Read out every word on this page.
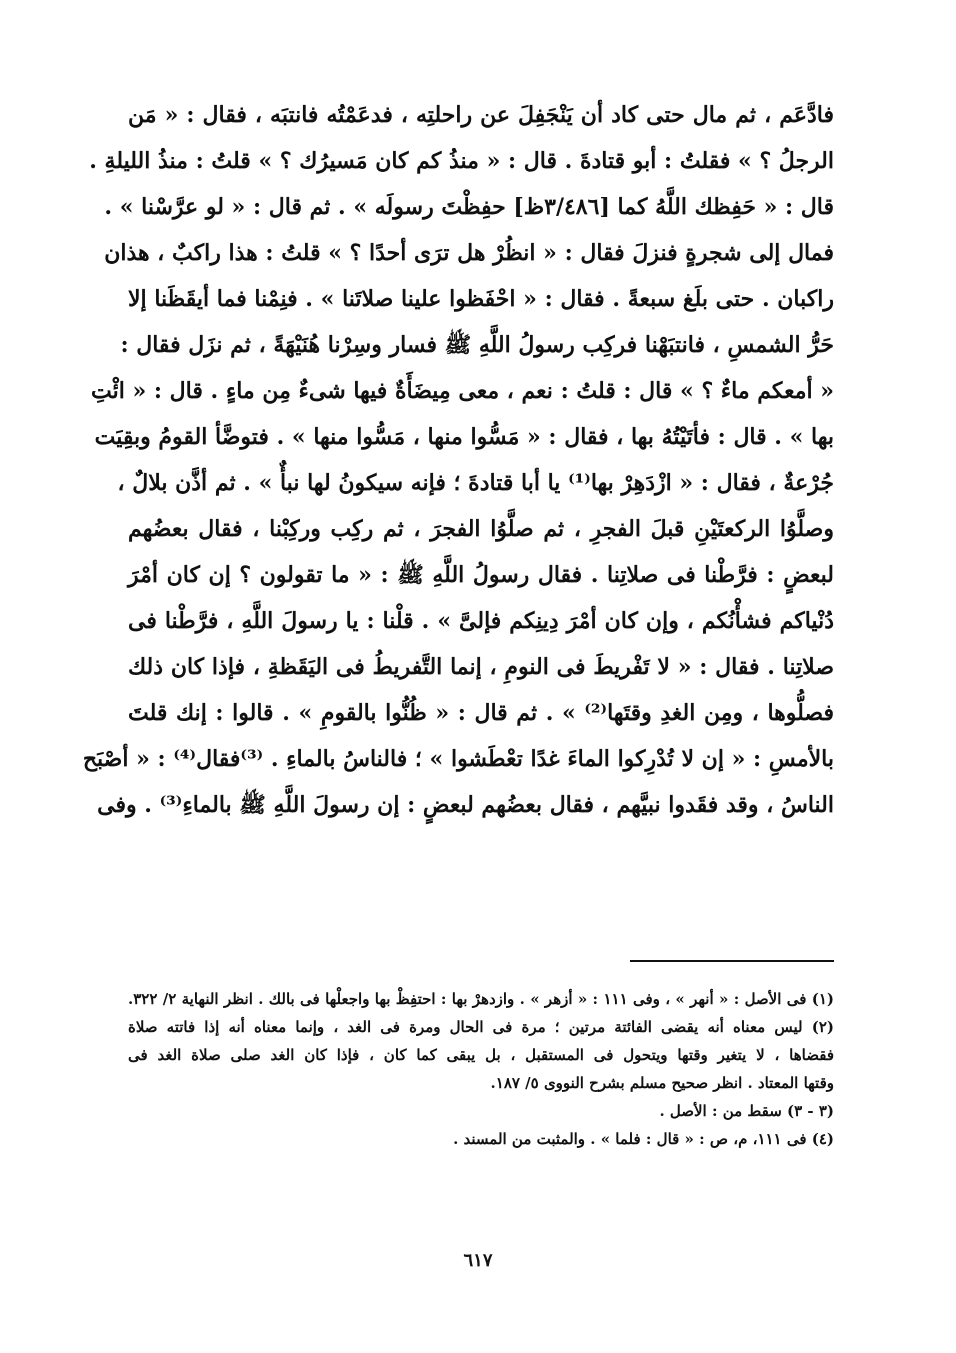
فادَّعَم ، ثم مال حتى كاد أن يَنْجَفِلَ عن راحلتِه ، فدعَمْتُه فانتبَه ، فقال : « مَن
الرجلُ ؟ » فقلتُ : أبو قتادةَ . قال : « منذُ كم كان مَسيرُك ؟ » قلتُ : منذُ الليلةِ .
قال : « حَفِظك اللَّهُ كما [٣/٤٨٦ظ] حفِظْتَ رسولَه » . ثم قال : « لو عرَّسْنا » .
فمال إلى شجرةٍ فنزلَ فقال : « انظُرْ هل ترَى أحدًا ؟ » قلتُ : هذا راكبٌ ، هذان
راكبان . حتى بلَغ سبعةً . فقال : « احْفَظوا علينا صلاتَنا » . فنِمْنا فما أيقَظَنا إلا
حَرُّ الشمسِ ، فانتبَهْنا فركِب رسولُ اللَّهِ ﷺ فسار وسِرْنا هُنَيْهَةً ، ثم نزَل فقال :
« أمعكم ماءٌ ؟ » قال : قلتُ : نعم ، معى مِيضَأَةٌ فيها شىءٌ مِن ماءٍ . قال : « ائْتِ
بها » . قال : فأتَيْتُهُ بها ، فقال : « مَسُّوا منها ، مَسُّوا منها » . فتوضَّأ القومُ وبقِيَت
جُرْعةٌ ، فقال : « ازْدَهِرْ بها⁽¹⁾ يا أبا قتادةَ ؛ فإنه سيكونُ لها نبأٌ » . ثم أذَّن بلالٌ ،
وصلَّوُا الركعتَيْنِ قبلَ الفجرِ ، ثم صلَّوُا الفجرَ ، ثم ركِب وركِبْنا ، فقال بعضُهم
لبعضٍ : فرَّطْنا فى صلاتِنا . فقال رسولُ اللَّهِ ﷺ : « ما تقولون ؟ إن كان أمْرَ
دُنْياكم فشأْنُكم ، وإن كان أمْرَ دِينِكم فإلىَّ » . قلْنا : يا رسولَ اللَّهِ ، فرَّطْنا فى
صلاتِنا . فقال : « لا تَفْريطَ فى النومِ ، إنما التَّفريطُ فى اليَقَظةِ ، فإذا كان ذلك
فصلُّوها ، ومِن الغدِ وقتَها⁽²⁾ » . ثم قال : « ظُنُّوا بالقومِ » . قالوا : إنك قلتَ
بالأمسِ : « إن لا تُدْرِكوا الماءَ غدًا تعْطَشوا » ؛ فالناسُ بالماءِ . ⁽³⁾فقال⁽⁴⁾ : « أصْبَح
الناسُ ، وقد فقَدوا نبيَّهم ، فقال بعضُهم لبعضٍ : إن رسولَ اللَّهِ ﷺ بالماءِ⁽³⁾ . وفى
(١) فى الأصل : « أنهر » ، وفى ١١١ : « أزهر » . وازدهرْ بها : احتفِظْ بها واجعلْها فى بالك . انظر النهاية ٢/ ٣٢٢.
(٢) ليس معناه أنه يقضى الفائتة مرتين ؛ مرة فى الحال ومرة فى الغد ، وإنما معناه أنه إذا فاتته صلاة
فقضاها ، لا يتغير وقتها ويتحول فى المستقبل ، بل يبقى كما كان ، فإذا كان الغد صلى صلاة الغد فى
وقتها المعتاد . انظر صحيح مسلم بشرح النووى ٥/ ١٨٧.
(٣ - ٣) سقط من : الأصل .
(٤) فى ١١١، م، ص : « قال : فلما » . والمثبت من المسند .
٦١٧
